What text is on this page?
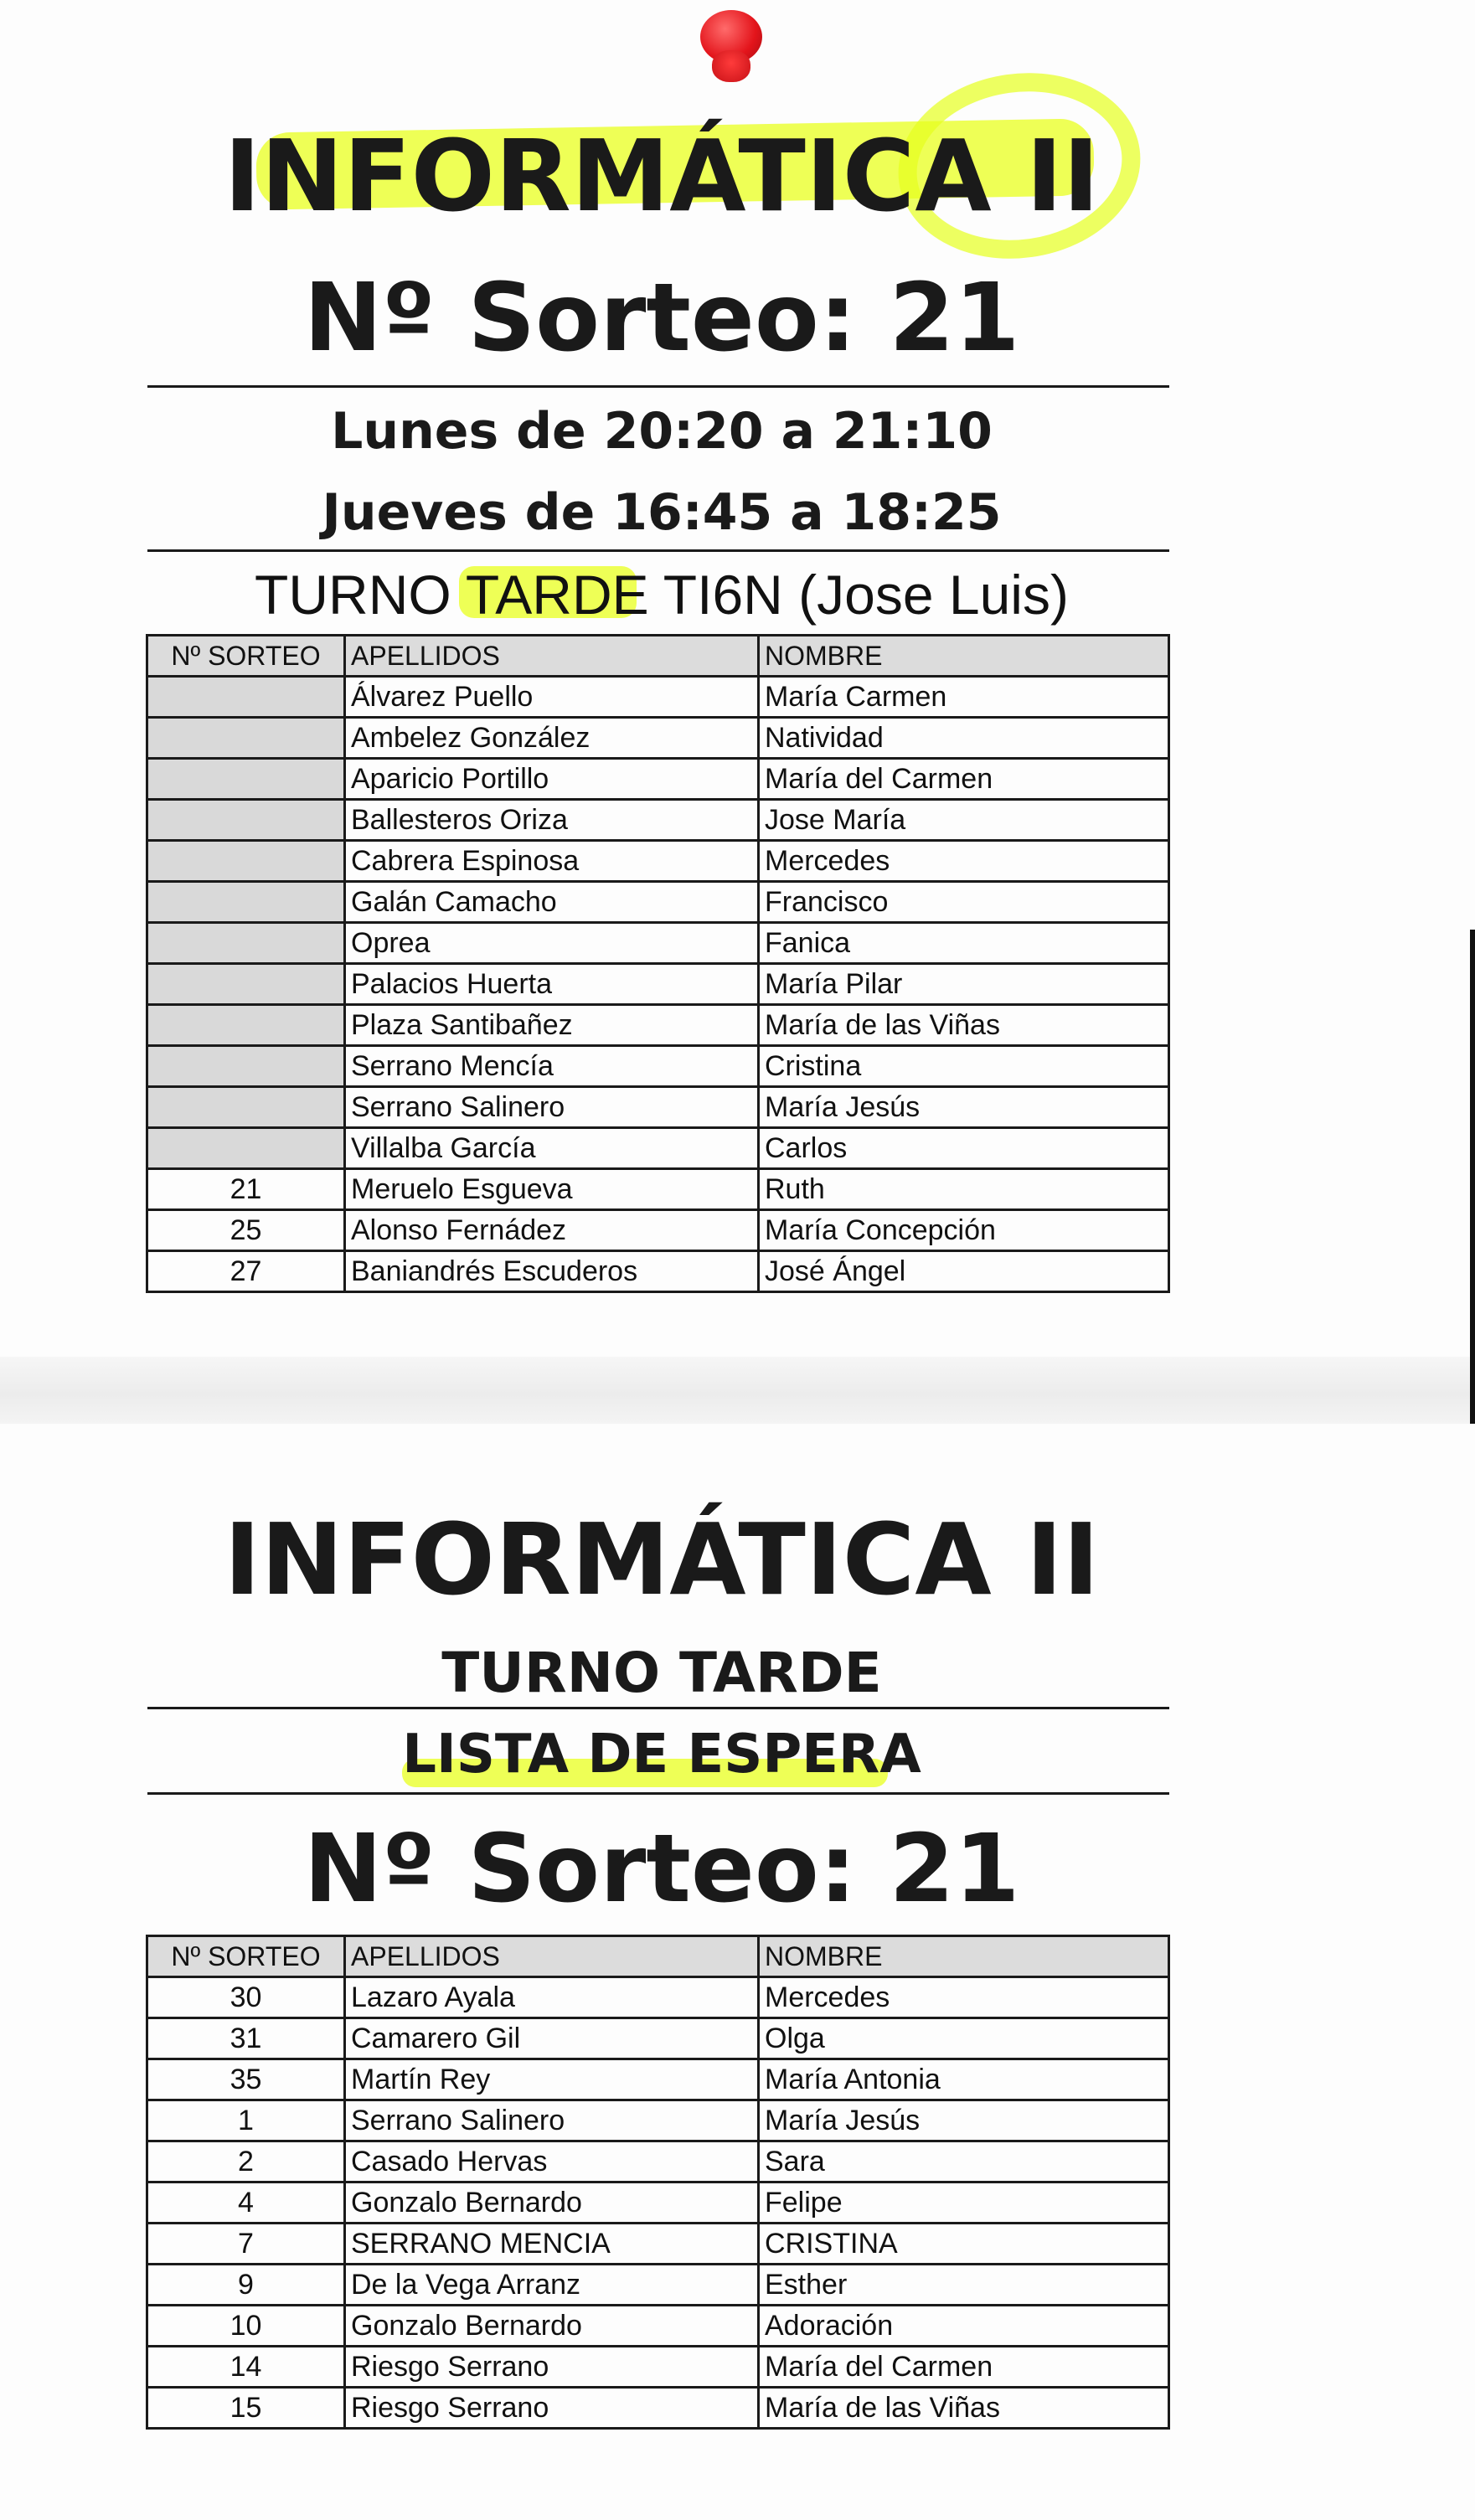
INFORMÁTICA II
Nº Sorteo: 21
Lunes de 20:20 a 21:10
Jueves de 16:45 a 18:25
TURNO TARDE TI6N (Jose Luis)
Nº SORTEO	APELLIDOS	NOMBRE
	Álvarez Puello	María Carmen
	Ambelez González	Natividad
	Aparicio Portillo	María del Carmen
	Ballesteros Oriza	Jose María
	Cabrera Espinosa	Mercedes
	Galán Camacho	Francisco
	Oprea	Fanica
	Palacios Huerta	María Pilar
	Plaza Santibañez	María de las Viñas
	Serrano Mencía	Cristina
	Serrano Salinero	María Jesús
	Villalba García	Carlos
21	Meruelo Esgueva	Ruth
25	Alonso Fernádez	María Concepción
27	Baniandrés Escuderos	José Ángel
INFORMÁTICA II
TURNO TARDE
LISTA DE ESPERA
Nº Sorteo: 21
Nº SORTEO	APELLIDOS	NOMBRE
30	Lazaro Ayala	Mercedes
31	Camarero Gil	Olga
35	Martín Rey	María Antonia
1	Serrano Salinero	María Jesús
2	Casado Hervas	Sara
4	Gonzalo Bernardo	Felipe
7	SERRANO MENCIA	CRISTINA
9	De la Vega Arranz	Esther
10	Gonzalo Bernardo	Adoración
14	Riesgo Serrano	María del Carmen
15	Riesgo Serrano	María de las Viñas
